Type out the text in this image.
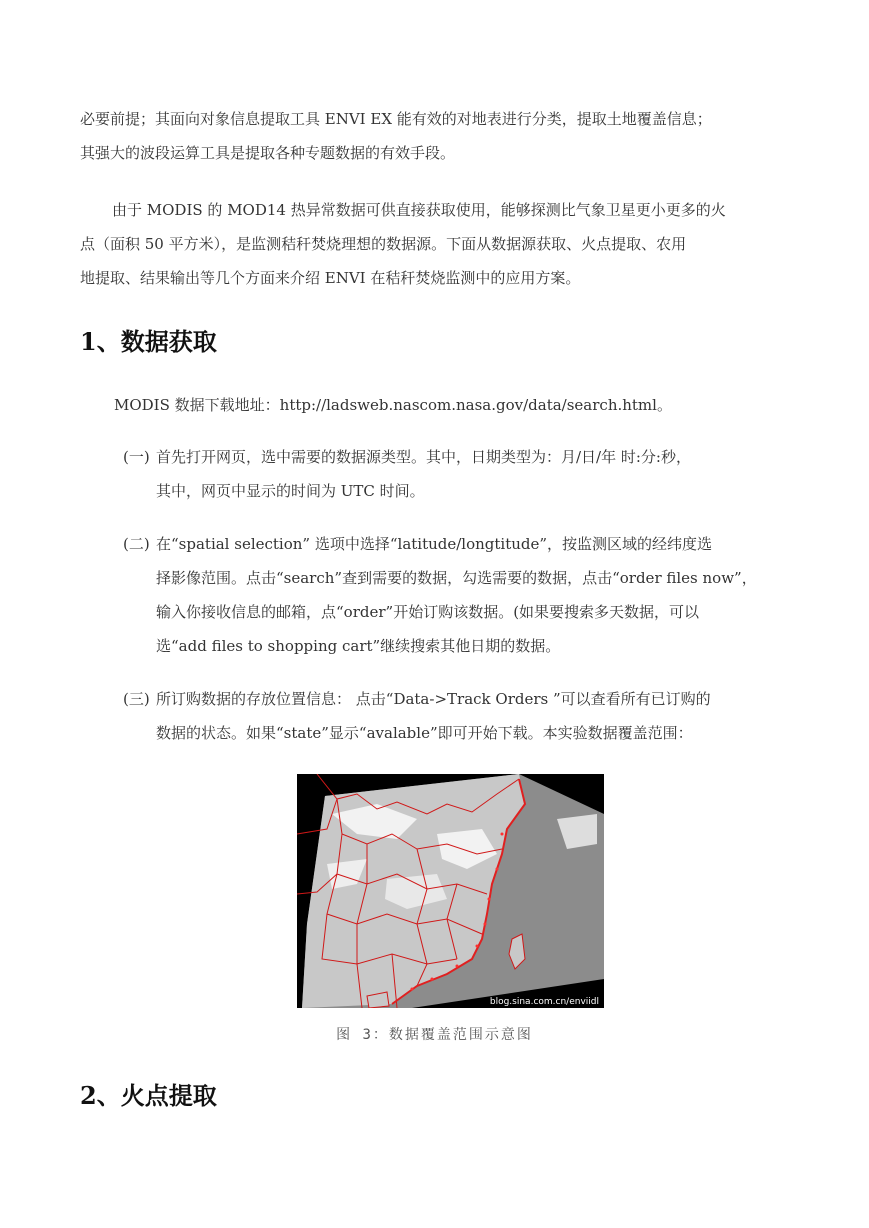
必要前提；其面向对象信息提取工具 ENVI EX 能有效的对地表进行分类，提取土地覆盖信息；
其强大的波段运算工具是提取各种专题数据的有效手段。
由于 MODIS 的 MOD14 热异常数据可供直接获取使用，能够探测比气象卫星更小更多的火
点（面积 50 平方米），是监测秸秆焚烧理想的数据源。下面从数据源获取、火点提取、农用
地提取、结果输出等几个方面来介绍 ENVI 在秸秆焚烧监测中的应用方案。
1、数据获取
MODIS 数据下载地址：http://ladsweb.nascom.nasa.gov/data/search.html。
(一) 首先打开网页，选中需要的数据源类型。其中，日期类型为：月/日/年 时:分:秒，
其中，网页中显示的时间为 UTC 时间。
(二) 在“spatial selection” 选项中选择“latitude/longtitude”，按监测区域的经纬度选
择影像范围。点击“search”查到需要的数据，勾选需要的数据，点击“order files now”，
输入你接收信息的邮箱，点“order”开始订购该数据。(如果要搜索多天数据，可以
选“add files to shopping cart”继续搜索其他日期的数据。
(三) 所订购数据的存放位置信息： 点击“Data->Track Orders ”可以查看所有已订购的
数据的状态。如果“state”显示“avalable”即可开始下载。本实验数据覆盖范围：
blog.sina.com.cn/enviidl
图 3：数据覆盖范围示意图
2、火点提取
